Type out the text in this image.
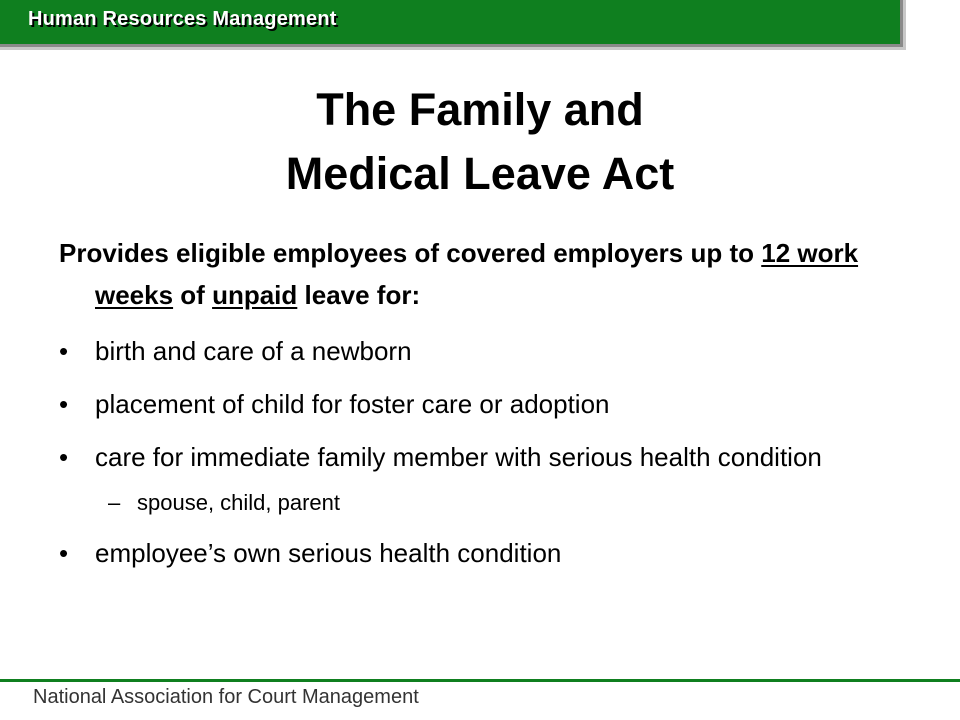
Human Resources Management
The Family and
Medical Leave Act

Provides eligible employees of covered employers up to 12 work weeks of unpaid leave for:

• birth and care of a newborn
• placement of child for foster care or adoption
• care for immediate family member with serious health condition
– spouse, child, parent
• employee’s own serious health condition
National Association for Court Management
